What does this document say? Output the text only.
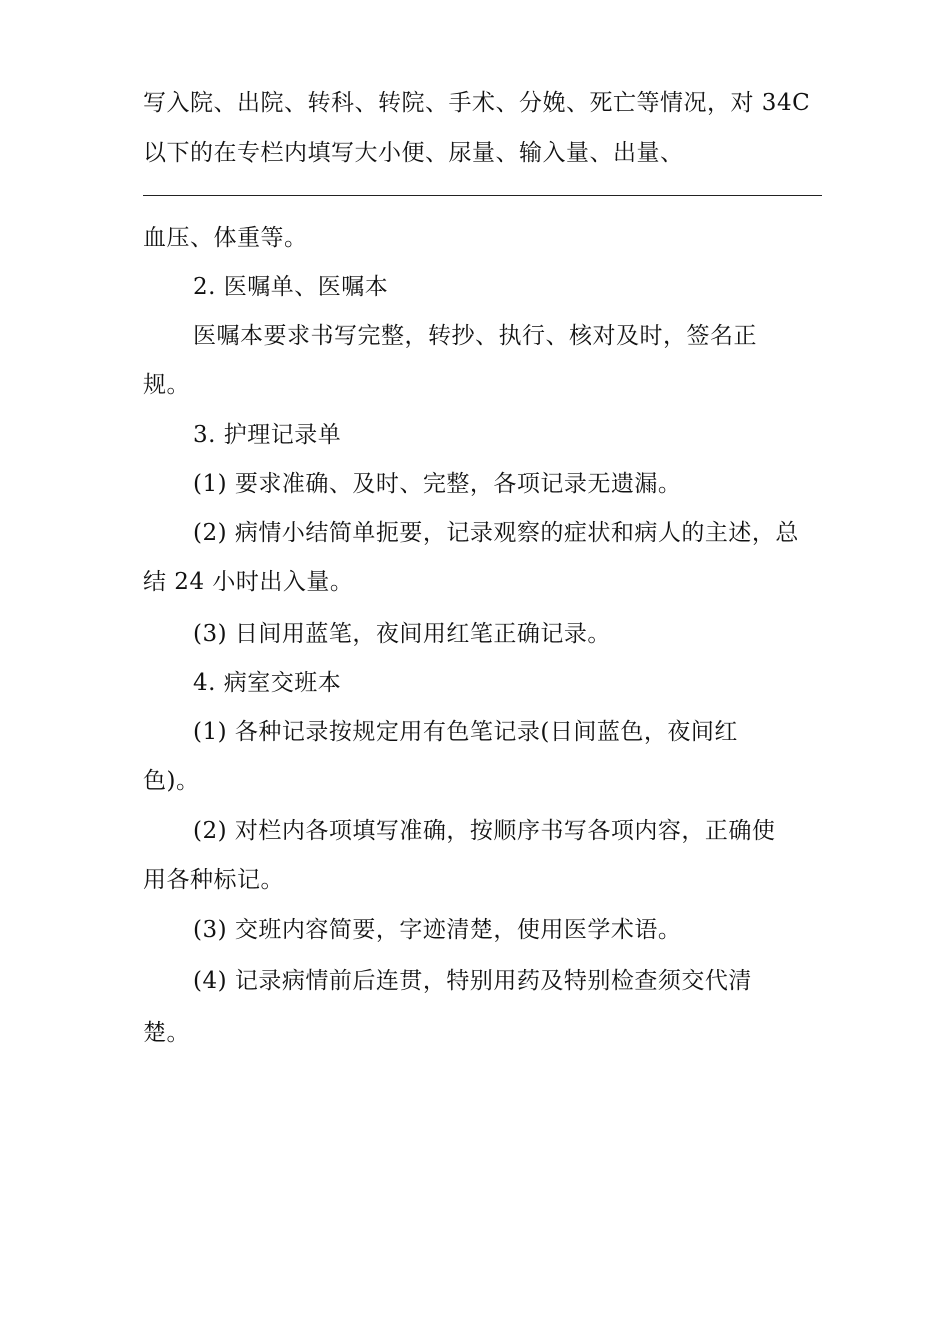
写入院、出院、转科、转院、手术、分娩、死亡等情况，对 34C
以下的在专栏内填写大小便、尿量、输入量、出量、
血压、体重等。
2. 医嘱单、医嘱本
医嘱本要求书写完整，转抄、执行、核对及时，签名正
规。
3. 护理记录单
(1) 要求准确、及时、完整，各项记录无遗漏。
(2) 病情小结简单扼要，记录观察的症状和病人的主述，总
结 24 小时出入量。
(3) 日间用蓝笔，夜间用红笔正确记录。
4. 病室交班本
(1) 各种记录按规定用有色笔记录(日间蓝色，夜间红
色)。
(2) 对栏内各项填写准确，按顺序书写各项内容，正确使
用各种标记。
(3) 交班内容简要，字迹清楚，使用医学术语。
(4) 记录病情前后连贯，特别用药及特别检查须交代清
楚。
